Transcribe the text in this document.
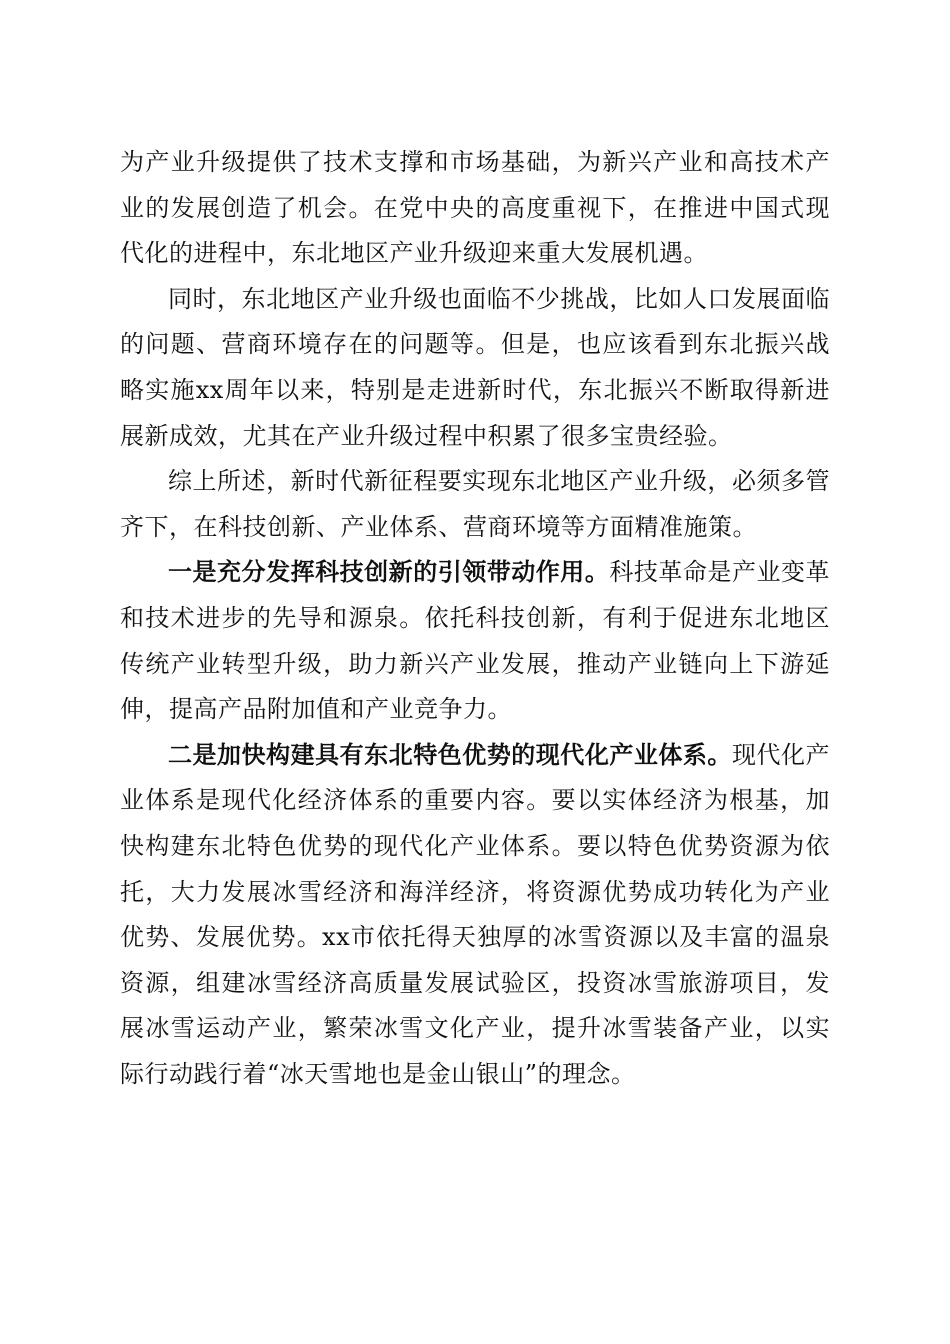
为产业升级提供了技术支撑和市场基础，为新兴产业和高技术产业的发展创造了机会。在党中央的高度重视下，在推进中国式现代化的进程中，东北地区产业升级迎来重大发展机遇。

同时，东北地区产业升级也面临不少挑战，比如人口发展面临的问题、营商环境存在的问题等。但是，也应该看到东北振兴战略实施xx周年以来，特别是走进新时代，东北振兴不断取得新进展新成效，尤其在产业升级过程中积累了很多宝贵经验。

综上所述，新时代新征程要实现东北地区产业升级，必须多管齐下，在科技创新、产业体系、营商环境等方面精准施策。

一是充分发挥科技创新的引领带动作用。科技革命是产业变革和技术进步的先导和源泉。依托科技创新，有利于促进东北地区传统产业转型升级，助力新兴产业发展，推动产业链向上下游延伸，提高产品附加值和产业竞争力。

二是加快构建具有东北特色优势的现代化产业体系。现代化产业体系是现代化经济体系的重要内容。要以实体经济为根基，加快构建东北特色优势的现代化产业体系。要以特色优势资源为依托，大力发展冰雪经济和海洋经济，将资源优势成功转化为产业优势、发展优势。xx市依托得天独厚的冰雪资源以及丰富的温泉资源，组建冰雪经济高质量发展试验区，投资冰雪旅游项目，发展冰雪运动产业，繁荣冰雪文化产业，提升冰雪装备产业，以实际行动践行着“冰天雪地也是金山银山”的理念。
